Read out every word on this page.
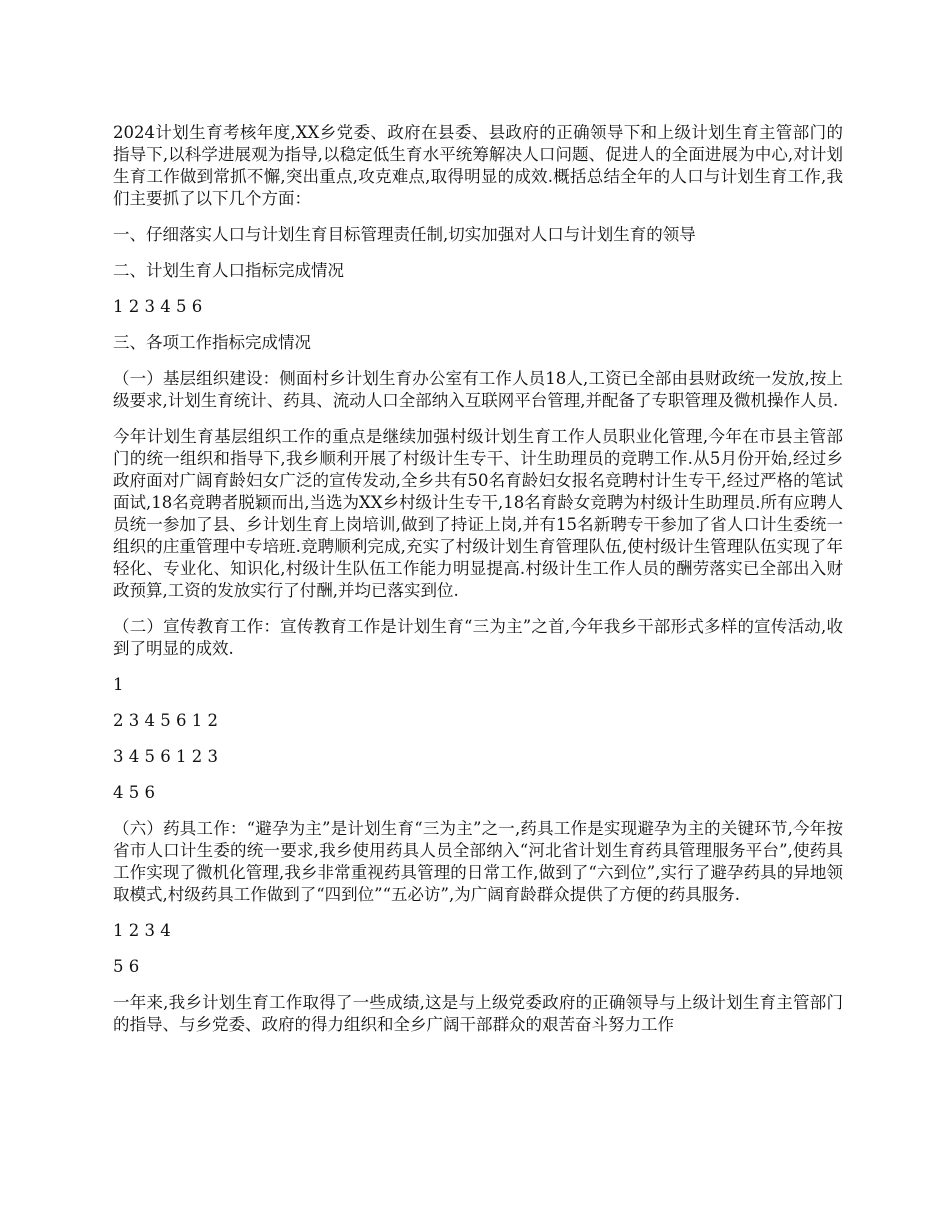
2024计划生育考核年度,XX乡党委、政府在县委、县政府的正确领导下和上级计划生育主管部门的指导下,以科学进展观为指导,以稳定低生育水平统筹解决人口问题、促进人的全面进展为中心,对计划生育工作做到常抓不懈,突出重点,攻克难点,取得明显的成效.概括总结全年的人口与计划生育工作,我们主要抓了以下几个方面：

一、仔细落实人口与计划生育目标管理责任制,切实加强对人口与计划生育的领导

二、计划生育人口指标完成情况

1 2 3 4 5 6

三、各项工作指标完成情况

（一）基层组织建设：侧面村乡计划生育办公室有工作人员18人,工资已全部由县财政统一发放,按上级要求,计划生育统计、药具、流动人口全部纳入互联网平台管理,并配备了专职管理及微机操作人员.

今年计划生育基层组织工作的重点是继续加强村级计划生育工作人员职业化管理,今年在市县主管部门的统一组织和指导下,我乡顺利开展了村级计生专干、计生助理员的竞聘工作.从5月份开始,经过乡政府面对广阔育龄妇女广泛的宣传发动,全乡共有50名育龄妇女报名竞聘村计生专干,经过严格的笔试面试,18名竞聘者脱颖而出,当选为XX乡村级计生专干,18名育龄女竞聘为村级计生助理员.所有应聘人员统一参加了县、乡计划生育上岗培训,做到了持证上岗,并有15名新聘专干参加了省人口计生委统一组织的庄重管理中专培班.竞聘顺利完成,充实了村级计划生育管理队伍,使村级计生管理队伍实现了年轻化、专业化、知识化,村级计生队伍工作能力明显提高.村级计生工作人员的酬劳落实已全部出入财政预算,工资的发放实行了付酬,并均已落实到位.

（二）宣传教育工作：宣传教育工作是计划生育“三为主”之首,今年我乡干部形式多样的宣传活动,收到了明显的成效.

1

2 3 4 5 6 1 2

3 4 5 6 1 2 3

4 5 6

（六）药具工作：“避孕为主”是计划生育“三为主”之一,药具工作是实现避孕为主的关键环节,今年按省市人口计生委的统一要求,我乡使用药具人员全部纳入“河北省计划生育药具管理服务平台”,使药具工作实现了微机化管理,我乡非常重视药具管理的日常工作,做到了“六到位”,实行了避孕药具的异地领取模式,村级药具工作做到了“四到位”“五必访”,为广阔育龄群众提供了方便的药具服务.

1 2 3 4

5 6

一年来,我乡计划生育工作取得了一些成绩,这是与上级党委政府的正确领导与上级计划生育主管部门的指导、与乡党委、政府的得力组织和全乡广阔干部群众的艰苦奋斗努力工作
